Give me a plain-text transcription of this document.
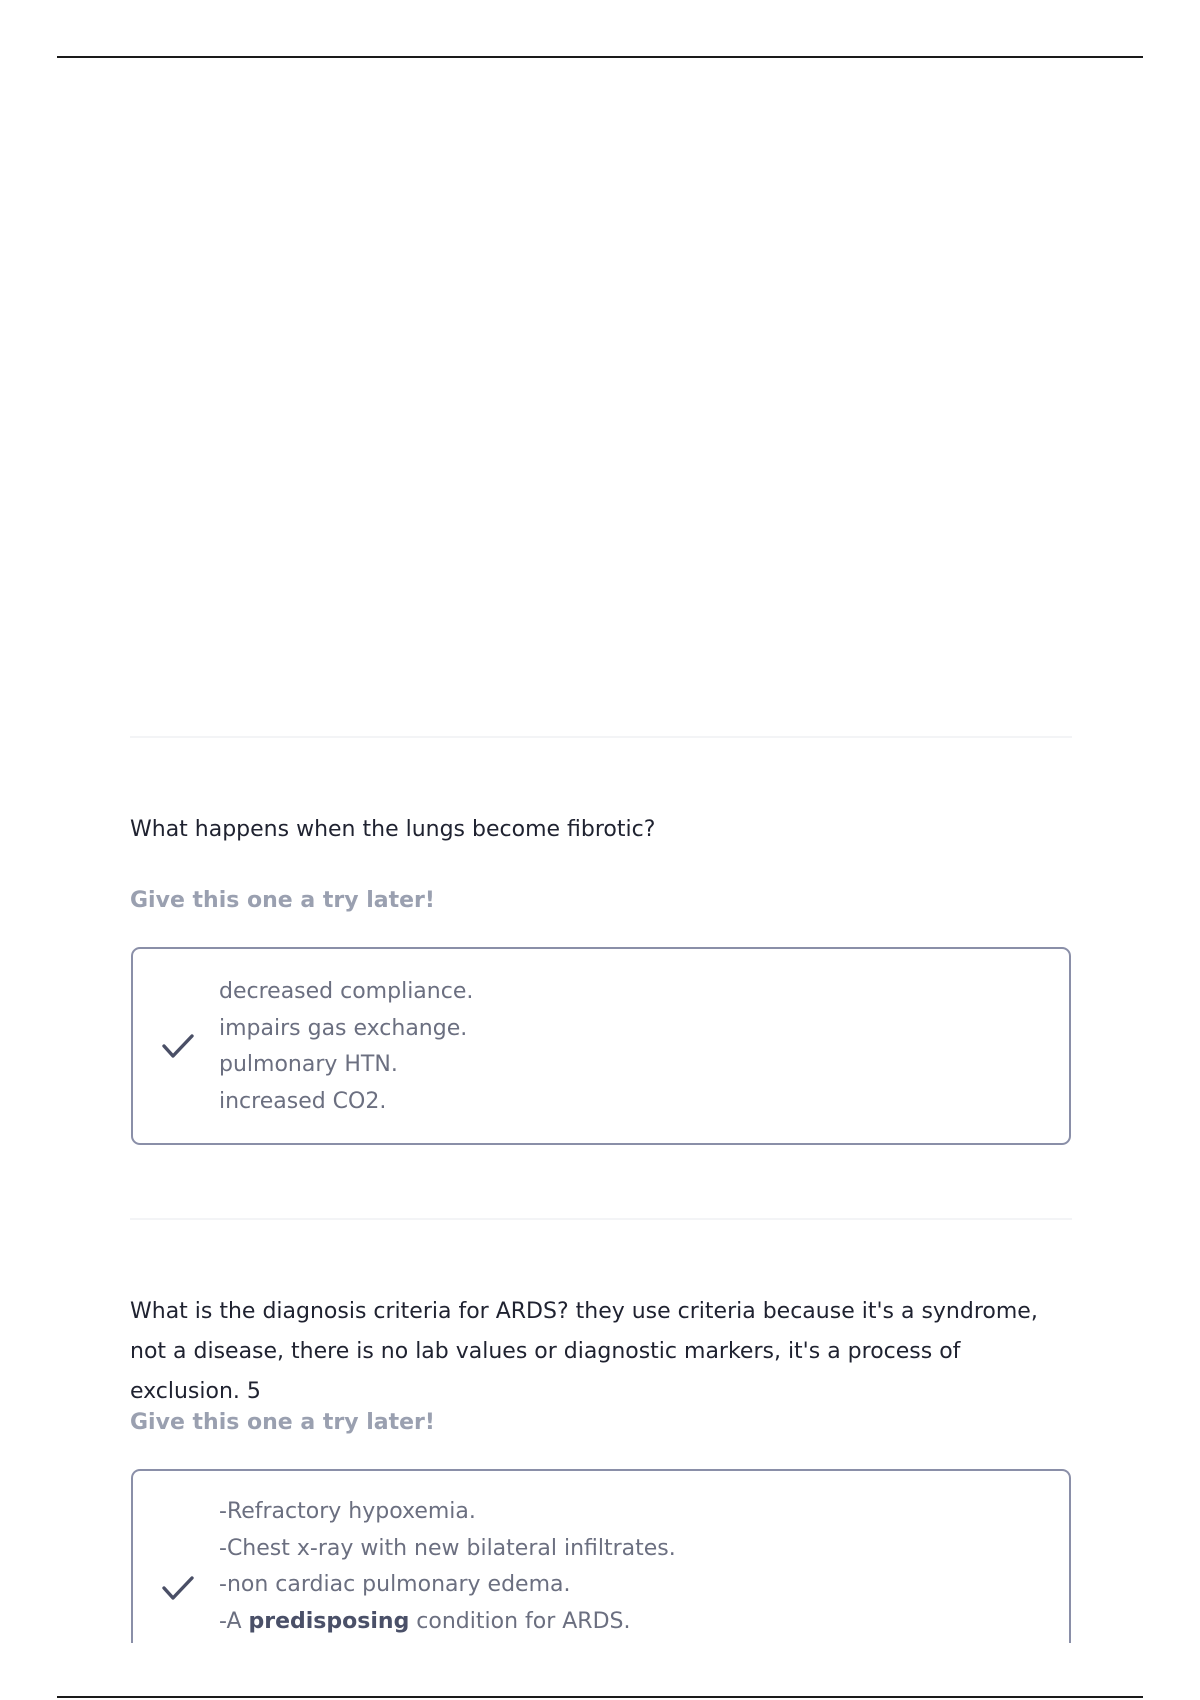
What happens when the lungs become fibrotic?
Give this one a try later!
decreased compliance.
impairs gas exchange.
pulmonary HTN.
increased CO2.
What is the diagnosis criteria for ARDS? they use criteria because it's a syndrome, not a disease, there is no lab values or diagnostic markers, it's a process of exclusion. 5
Give this one a try later!
-Refractory hypoxemia.
-Chest x-ray with new bilateral infiltrates.
-non cardiac pulmonary edema.
-A predisposing condition for ARDS.
